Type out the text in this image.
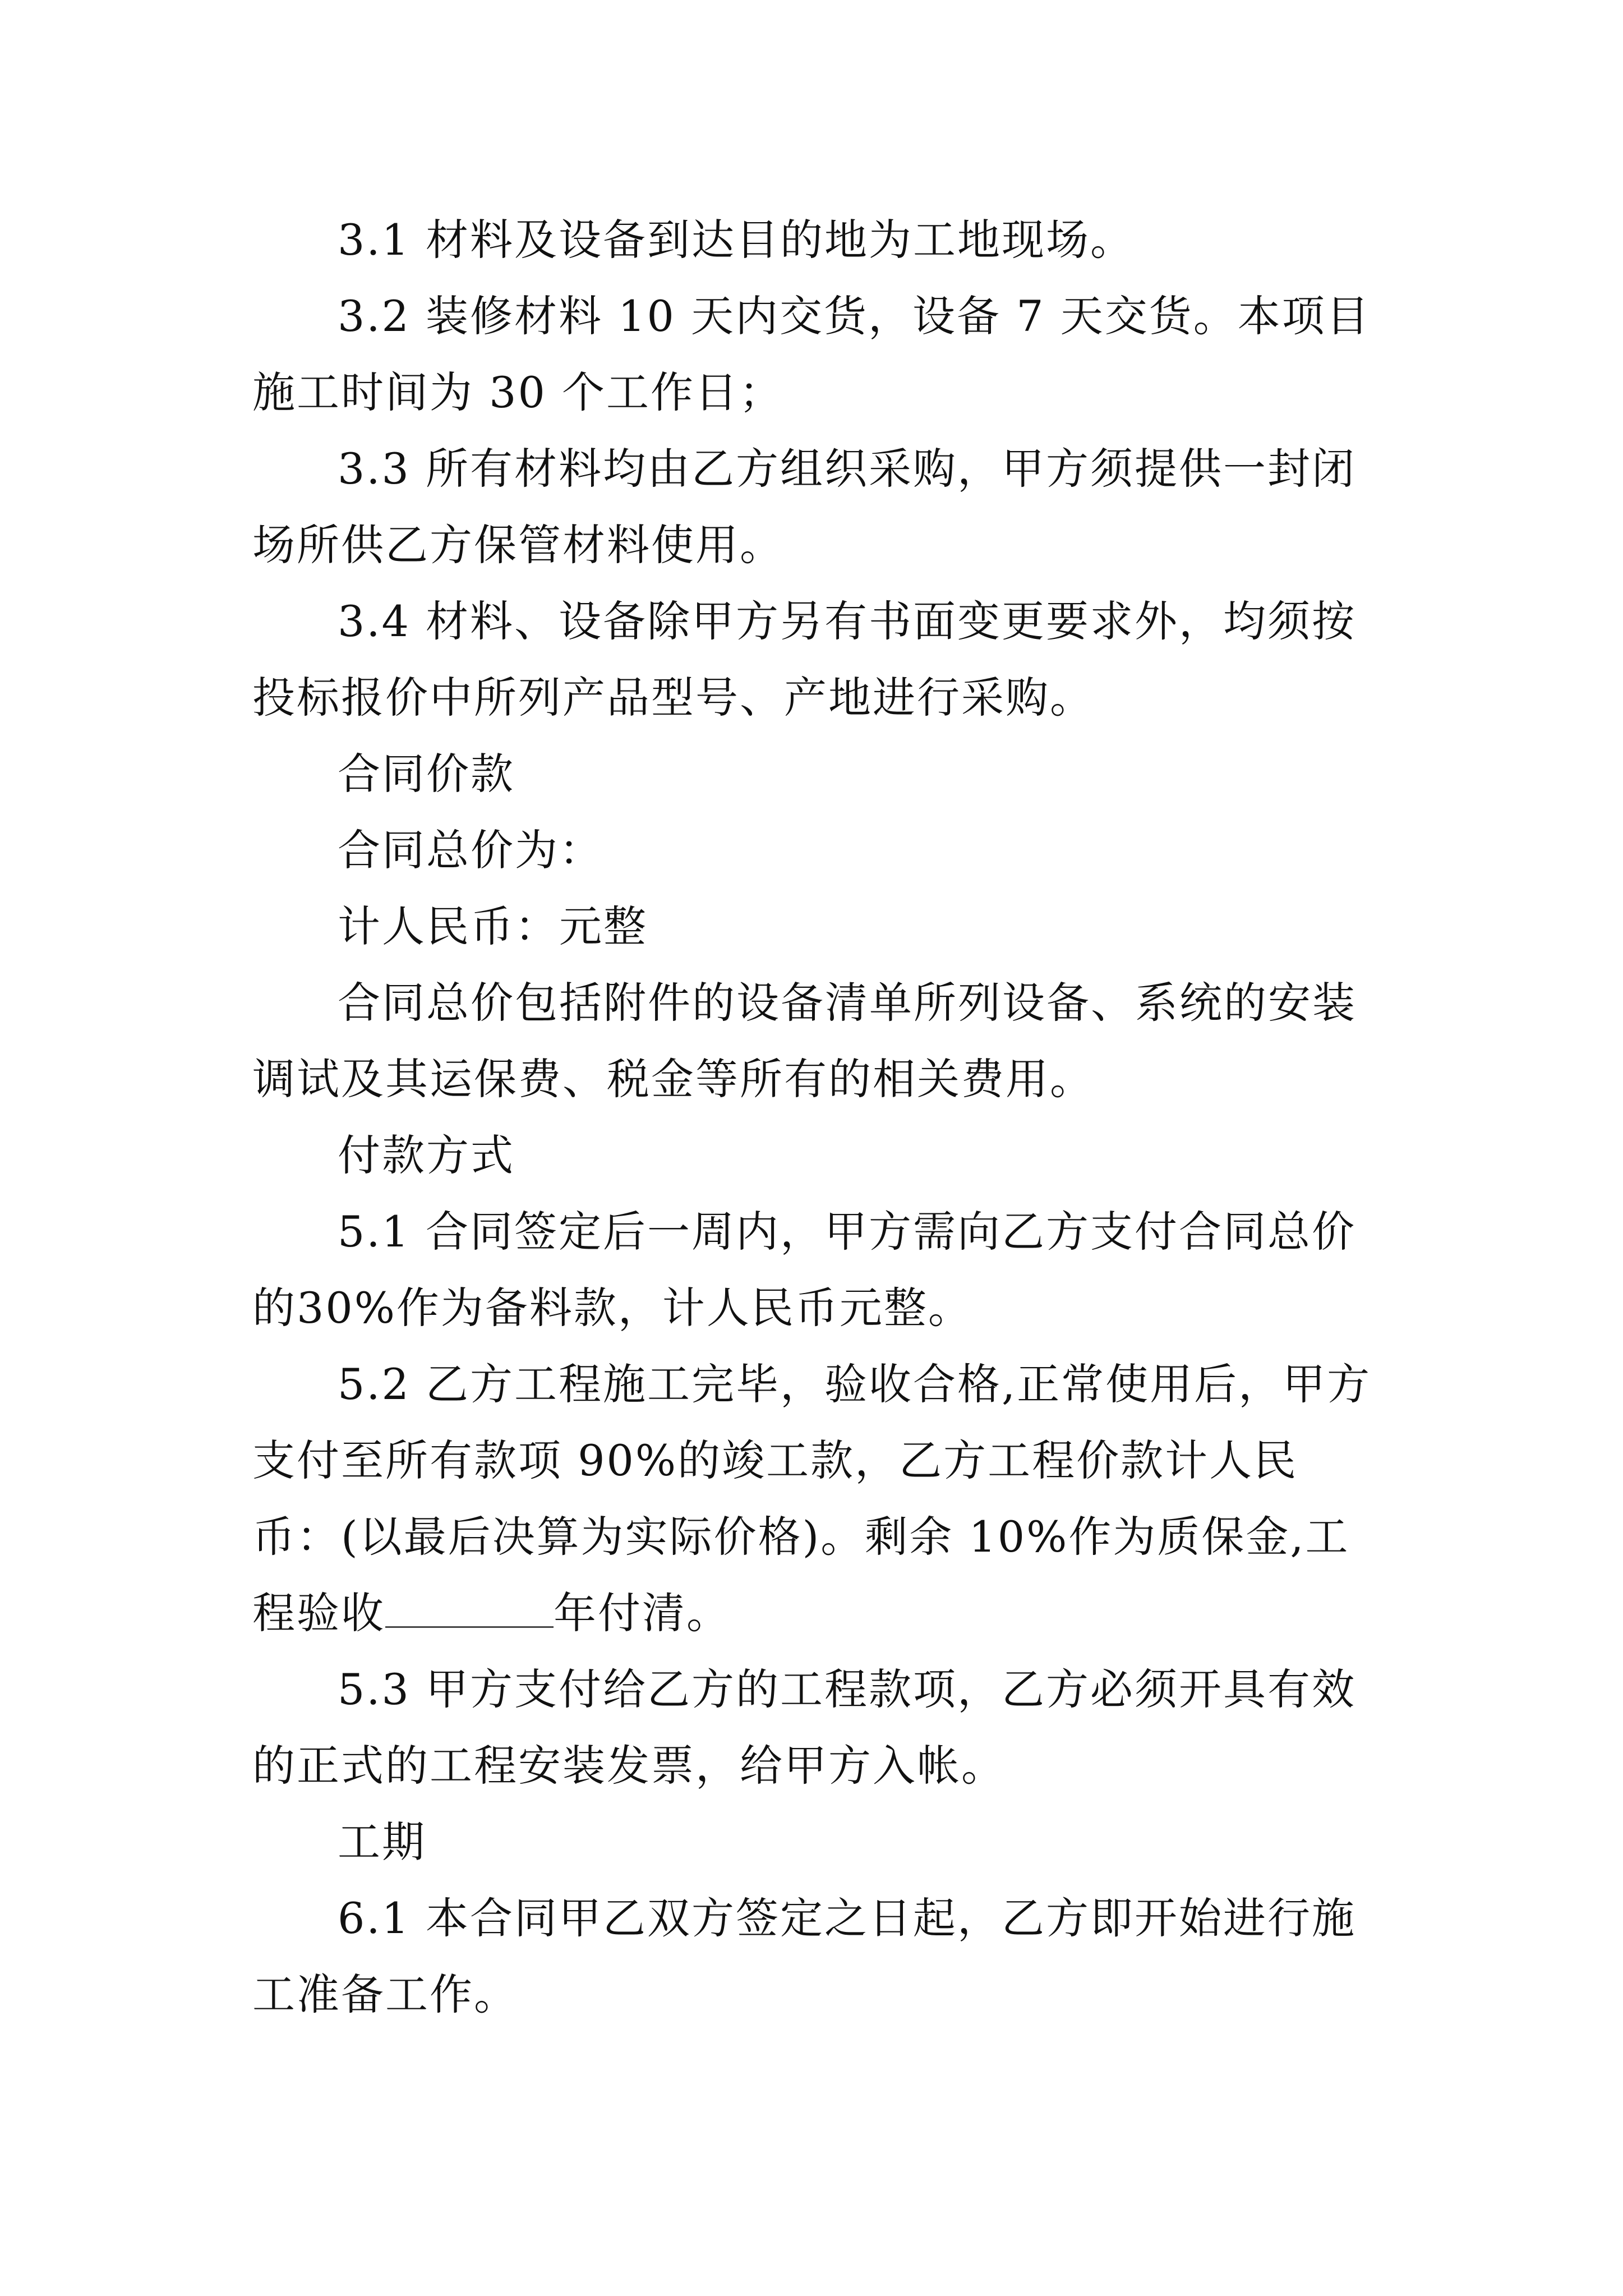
3.1 材料及设备到达目的地为工地现场。

3.2 装修材料 10 天内交货，设备 7 天交货。本项目施工时间为 30 个工作日；

3.3 所有材料均由乙方组织采购，甲方须提供一封闭场所供乙方保管材料使用。

3.4 材料、设备除甲方另有书面变更要求外，均须按投标报价中所列产品型号、产地进行采购。

合同价款

合同总价为：

计人民币：元整

合同总价包括附件的设备清单所列设备、系统的安装调试及其运保费、税金等所有的相关费用。

付款方式

5.1 合同签定后一周内，甲方需向乙方支付合同总价的30%作为备料款，计人民币元整。

5.2 乙方工程施工完毕，验收合格,正常使用后，甲方支付至所有款项 90%的竣工款，乙方工程价款计人民币：(以最后决算为实际价格)。剩余 10%作为质保金,工程验收	年付清。

5.3 甲方支付给乙方的工程款项，乙方必须开具有效的正式的工程安装发票，给甲方入帐。

工期

6.1 本合同甲乙双方签定之日起，乙方即开始进行施工准备工作。
